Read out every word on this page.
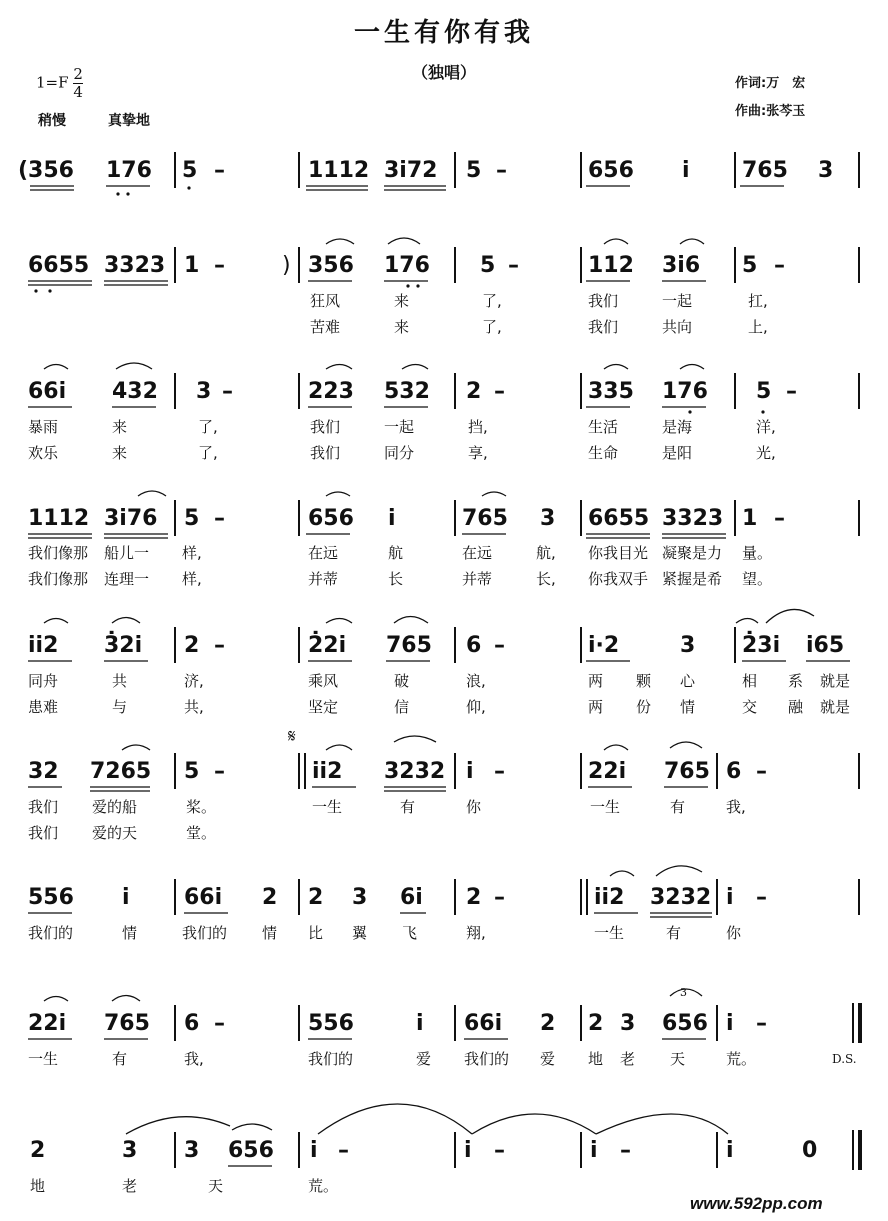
一生有你有我
（独唱）
$1=F \frac{2}{4}$
稍慢	真挚地
作词:万　宏
作曲:张芩玉
(356 176 5 –	1112 3i72 5 –	656 i 765 3
6655 3323 1 –	) 356 176 5 –	112 3i6 5 –
狂风	来	了,	我们	一起	扛,
苦难	来	了,	我们	共向	上,
66i 432 3 –	223 532 2 –	335 176 5 –
暴雨	来	了,	我们	一起	挡,	生活	是海	洋,
欢乐	来	了,	我们	同分	享,	生命	是阳	光,
1112 3i76 5 –	656 i	765 3 6655 3323 1 –
我们像那 船儿一 样,	在远	航	在远	航, 你我目光 凝聚是力 量。
我们像那 连理一 样,	并蒂	长	并蒂	长, 你我双手 紧握是希 望。
ii2 3̇2i 2 –	2̇2i 765 6 –	i·2	3 2̇3i i65
同舟	共	济,	乘风	破	浪,	两 颗 心	相 系 就是
患难	与	共,	坚定	信	仰,	两 份 情	交 融 就是
𝄋
32 7265 5 –	ii2 3232 i –	22i 765 6 –
我们 爱的船	桨。	一生	有	你	一生	有	我,
我们 爱的天	堂。
556 i 66i 2 2 3 6i 2 –	ii2 3232 i –
我们的	情	我们的 情 比 翼 飞	翔,	一生	有	你
22i 765 6 –	556	i 66i 2 2 3 656 i –
一生	有	我,	我们的	爱 我们的 爱 地 老 天	荒。	D.S.
3
2	3 3 656 i –	i –	i –	i	0
地	老	天	荒。
www.592pp.com
